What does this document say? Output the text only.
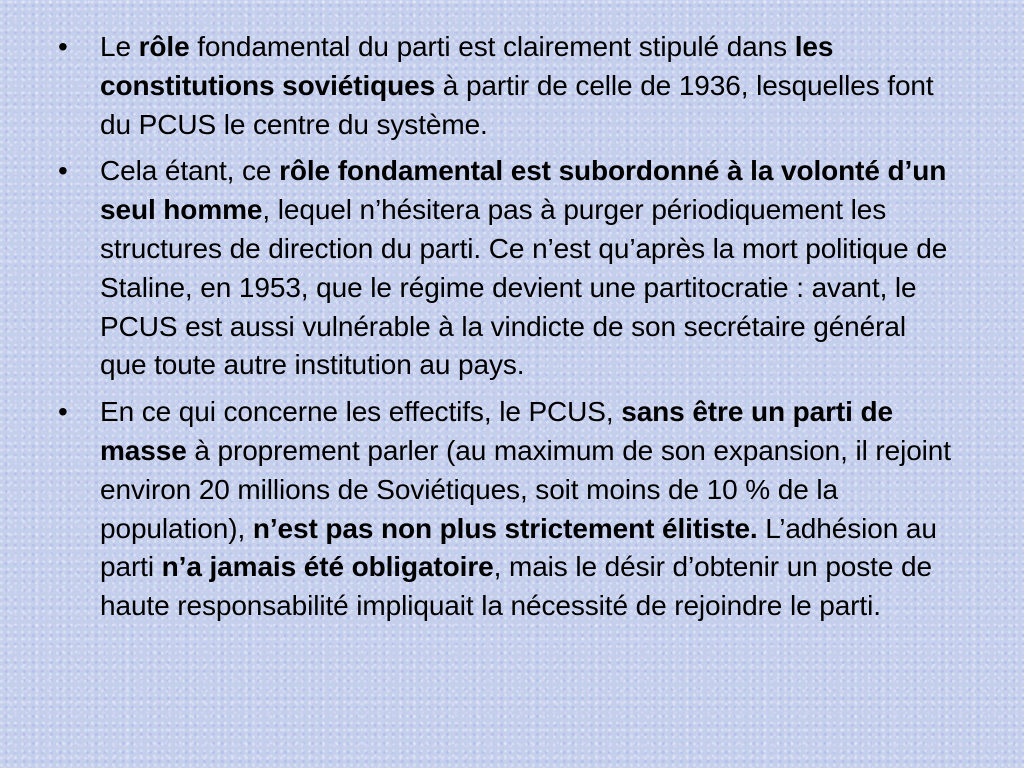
• Le rôle fondamental du parti est clairement stipulé dans les constitutions soviétiques à partir de celle de 1936, lesquelles font du PCUS le centre du système.
• Cela étant, ce rôle fondamental est subordonné à la volonté d’un seul homme, lequel n’hésitera pas à purger périodiquement les structures de direction du parti. Ce n’est qu’après la mort politique de Staline, en 1953, que le régime devient une partitocratie : avant, le PCUS est aussi vulnérable à la vindicte de son secrétaire général que toute autre institution au pays.
• En ce qui concerne les effectifs, le PCUS, sans être un parti de masse à proprement parler (au maximum de son expansion, il rejoint environ 20 millions de Soviétiques, soit moins de 10 % de la population), n’est pas non plus strictement élitiste. L’adhésion au parti n’a jamais été obligatoire, mais le désir d’obtenir un poste de haute responsabilité impliquait la nécessité de rejoindre le parti.
